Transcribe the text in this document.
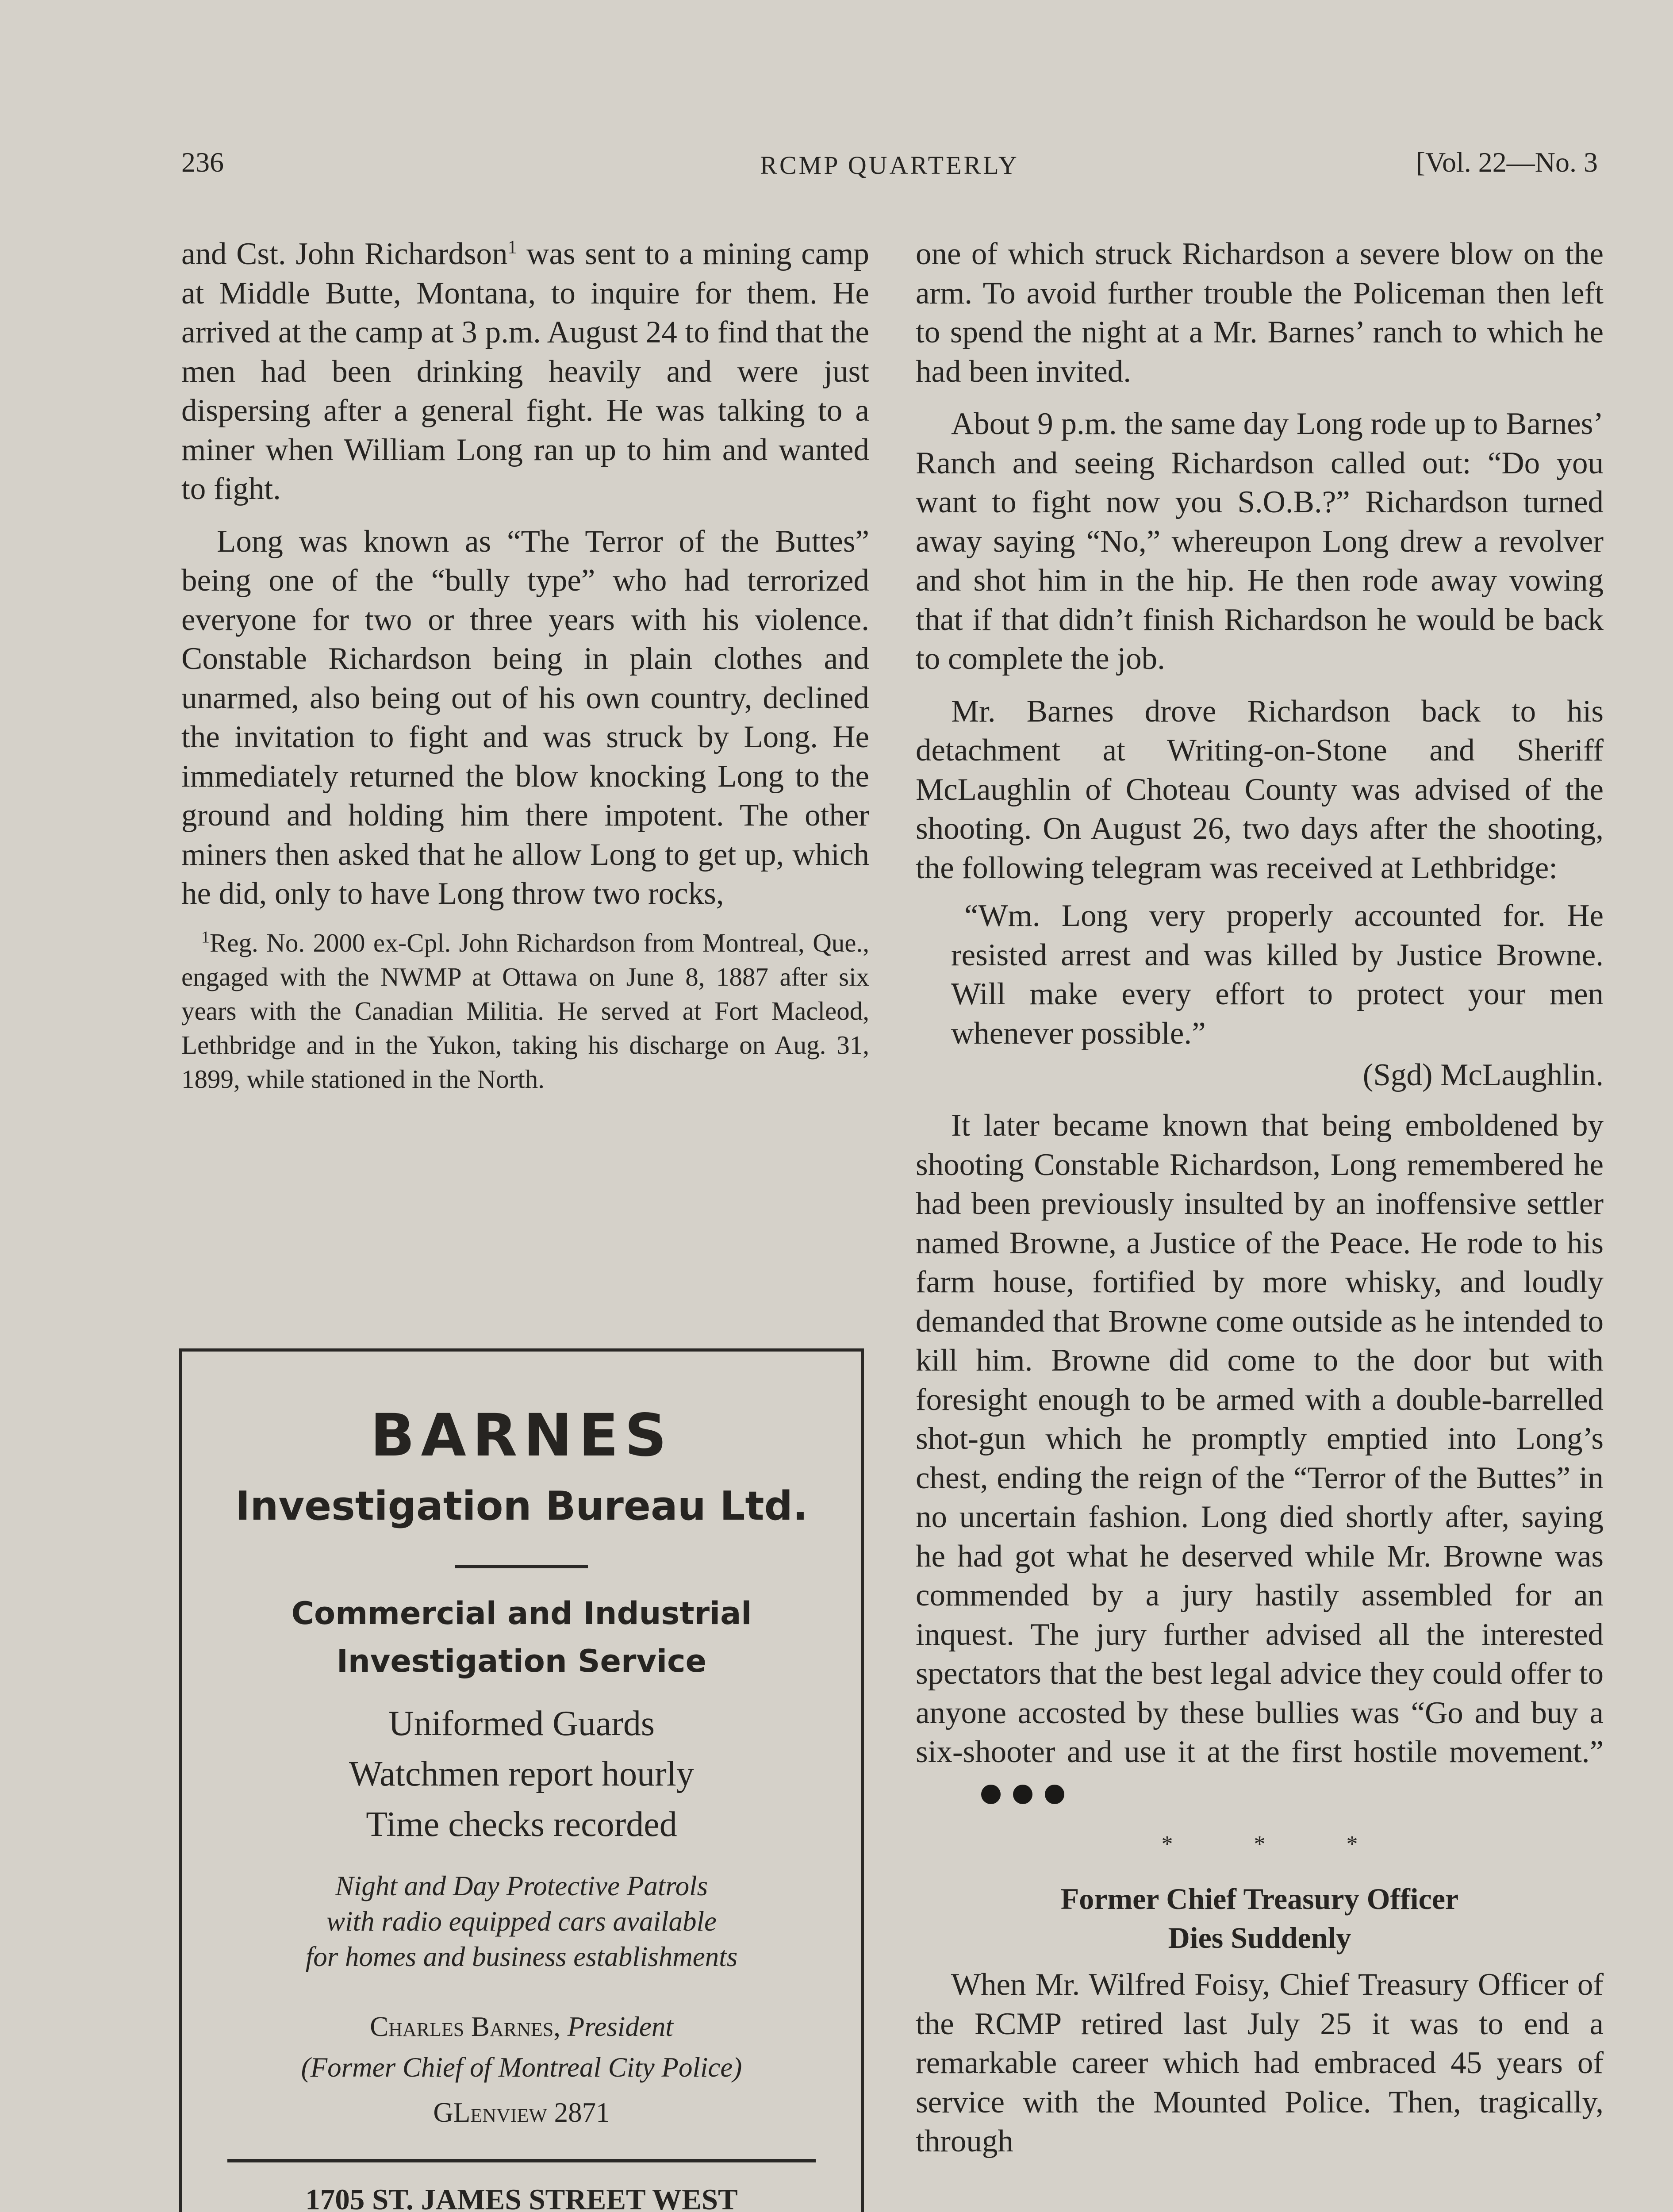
236	RCMP QUARTERLY	[Vol. 22—No. 3

and Cst. John Richardson$^1$ was sent to a mining camp at Middle Butte, Montana, to inquire for them. He arrived at the camp at 3 p.m. August 24 to find that the men had been drinking heavily and were just dispersing after a general fight. He was talking to a miner when William Long ran up to him and wanted to fight.

Long was known as “The Terror of the Buttes” being one of the “bully type” who had terrorized everyone for two or three years with his violence. Constable Richardson being in plain clothes and unarmed, also being out of his own country, declined the invitation to fight and was struck by Long. He immediately returned the blow knocking Long to the ground and holding him there impotent. The other miners then asked that he allow Long to get up, which he did, only to have Long throw two rocks,

$^1$Reg. No. 2000 ex-Cpl. John Richardson from Montreal, Que., engaged with the NWMP at Ottawa on June 8, 1887 after six years with the Canadian Militia. He served at Fort Macleod, Lethbridge and in the Yukon, taking his discharge on Aug. 31, 1899, while stationed in the North.
BARNES
Investigation Bureau Ltd.
Commercial and Industrial
Investigation Service
Uniformed Guards
Watchmen report hourly
Time checks recorded
Night and Day Protective Patrols
with radio equipped cars available
for homes and business establishments
Charles Barnes, President
(Former Chief of Montreal City Police)
GLenview 2871
1705 ST. JAMES STREET WEST

one of which struck Richardson a severe blow on the arm. To avoid further trouble the Policeman then left to spend the night at a Mr. Barnes’ ranch to which he had been invited.

About 9 p.m. the same day Long rode up to Barnes’ Ranch and seeing Richardson called out: “Do you want to fight now you S.O.B.?” Richardson turned away saying “No,” whereupon Long drew a revolver and shot him in the hip. He then rode away vowing that if that didn’t finish Richardson he would be back to complete the job.

Mr. Barnes drove Richardson back to his detachment at Writing-on-Stone and Sheriff McLaughlin of Choteau County was advised of the shooting. On August 26, two days after the shooting, the following telegram was received at Lethbridge:

“Wm. Long very properly accounted for. He resisted arrest and was killed by Justice Browne. Will make every effort to protect your men whenever possible.”
(Sgd) McLaughlin.

It later became known that being emboldened by shooting Constable Richardson, Long remembered he had been previously insulted by an inoffensive settler named Browne, a Justice of the Peace. He rode to his farm house, fortified by more whisky, and loudly demanded that Browne come outside as he intended to kill him. Browne did come to the door but with foresight enough to be armed with a double-barrelled shot-gun which he promptly emptied into Long’s chest, ending the reign of the “Terror of the Buttes” in no uncertain fashion. Long died shortly after, saying he had got what he deserved while Mr. Browne was commended by a jury hastily assembled for an inquest. The jury further advised all the interested spectators that the best legal advice they could offer to anyone accosted by these bullies was “Go and buy a six-shooter and use it at the first hostile movement.”

* * *
Former Chief Treasury Officer
Dies Suddenly

When Mr. Wilfred Foisy, Chief Treasury Officer of the RCMP retired last July 25 it was to end a remarkable career which had embraced 45 years of service with the Mounted Police. Then, tragically, through
